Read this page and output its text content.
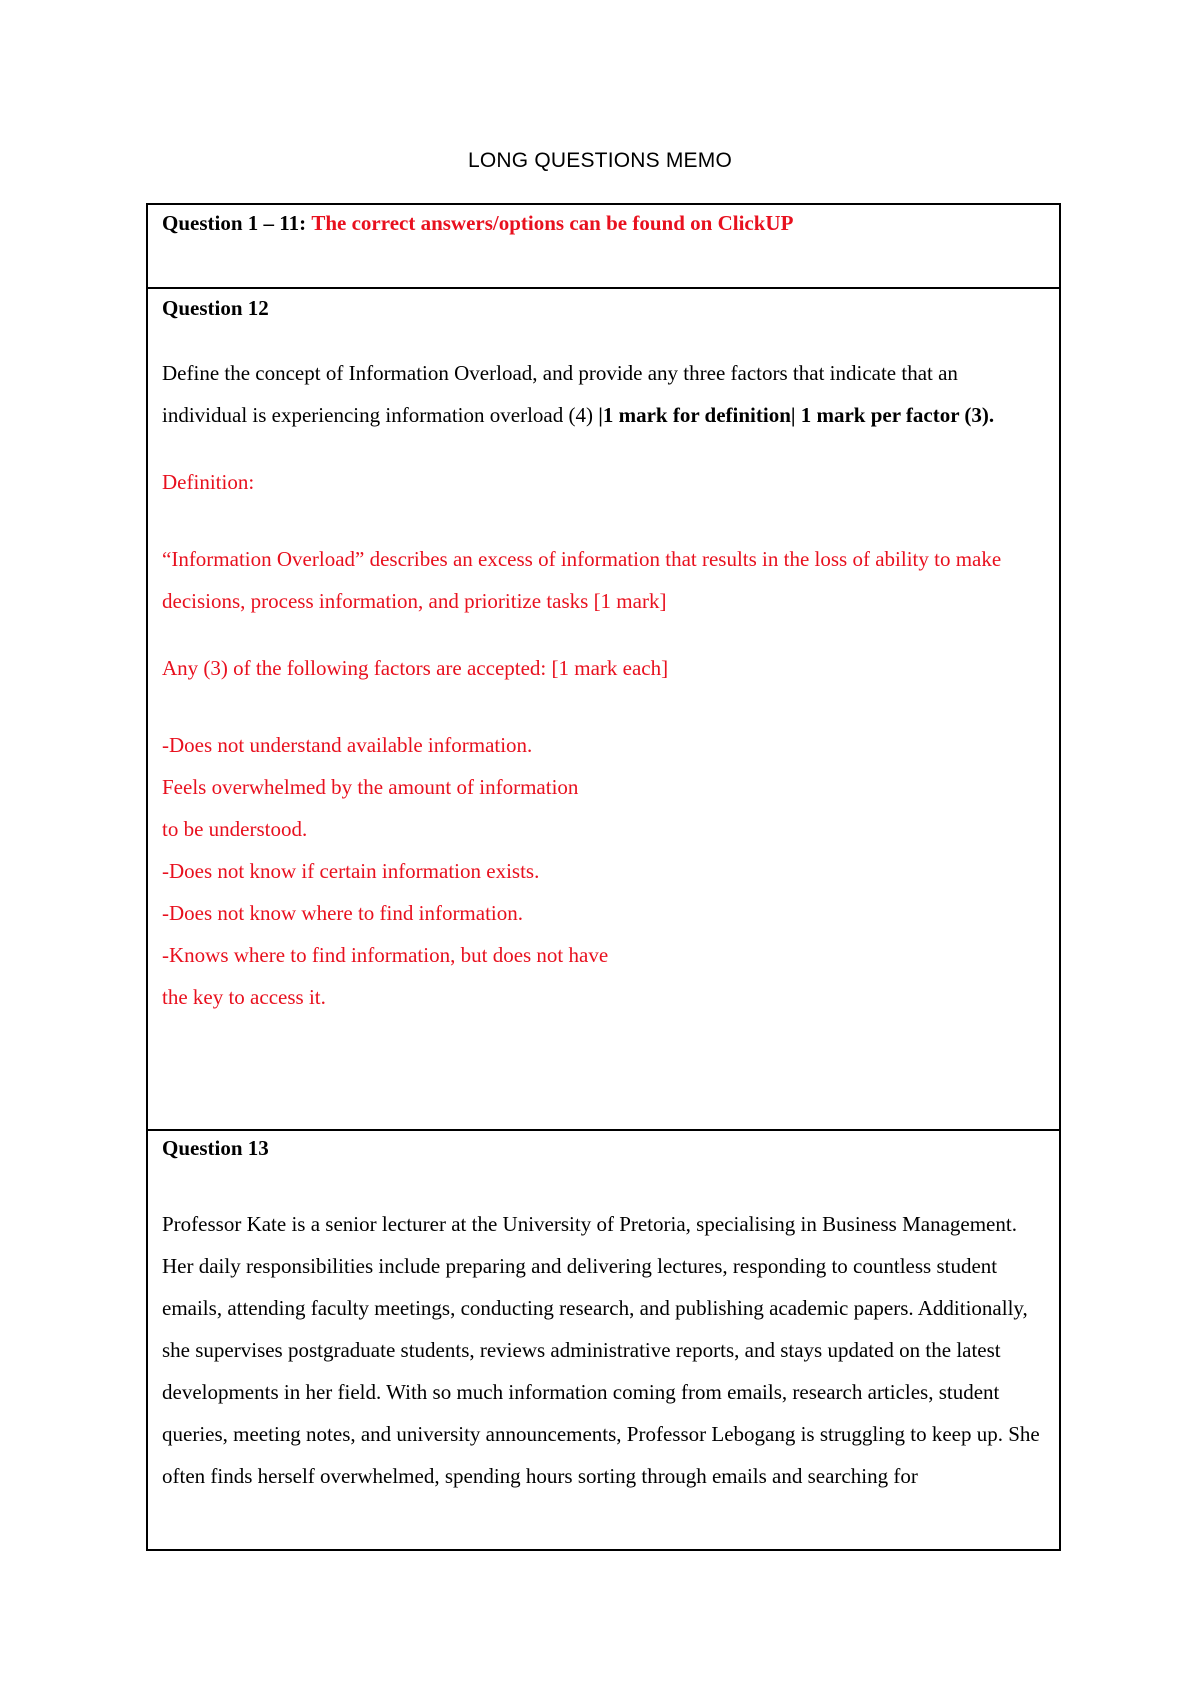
LONG QUESTIONS MEMO
Question 1 – 11: The correct answers/options can be found on ClickUP

Question 12
Define the concept of Information Overload, and provide any three factors that indicate that an individual is experiencing information overload (4) |1 mark for definition| 1 mark per factor (3).
Definition:
“Information Overload” describes an excess of information that results in the loss of ability to make decisions, process information, and prioritize tasks [1 mark]
Any (3) of the following factors are accepted: [1 mark each]
-Does not understand available information.
Feels overwhelmed by the amount of information
to be understood.
-Does not know if certain information exists.
-Does not know where to find information.
-Knows where to find information, but does not have
the key to access it.

Question 13
Professor Kate is a senior lecturer at the University of Pretoria, specialising in Business Management. Her daily responsibilities include preparing and delivering lectures, responding to countless student emails, attending faculty meetings, conducting research, and publishing academic papers. Additionally, she supervises postgraduate students, reviews administrative reports, and stays updated on the latest developments in her field. With so much information coming from emails, research articles, student queries, meeting notes, and university announcements, Professor Lebogang is struggling to keep up. She often finds herself overwhelmed, spending hours sorting through emails and searching for
